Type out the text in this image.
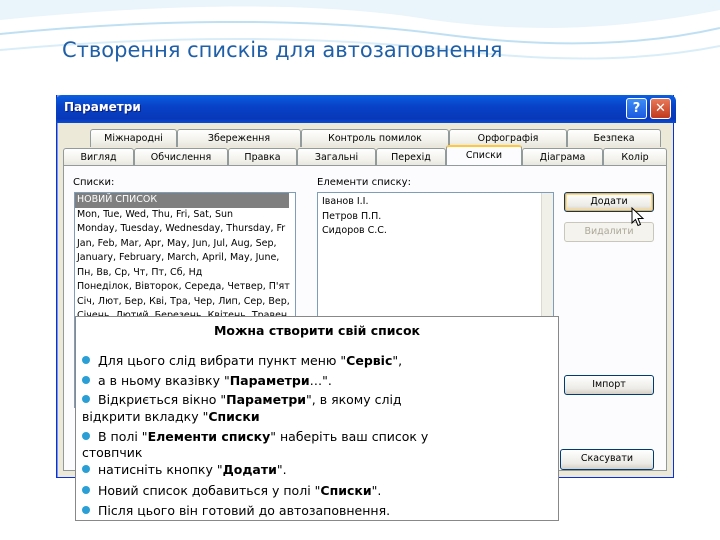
Створення списків для автозаповнення
Параметри	?	✕
Міжнародні	Збереження	Контроль помилок	Орфографія	Безпека
Вигляд	Обчислення	Правка	Загальні	Перехід	Списки	Діаграма	Колір
Списки:
НОВИЙ СПИСОК
Mon, Tue, Wed, Thu, Fri, Sat, Sun
Monday, Tuesday, Wednesday, Thursday, Fr
Jan, Feb, Mar, Apr, May, Jun, Jul, Aug, Sep,
January, February, March, April, May, June,
Пн, Вв, Ср, Чт, Пт, Сб, Нд
Понеділок, Вівторок, Середа, Четвер, П'ят
Січ, Лют, Бер, Кві, Тра, Чер, Лип, Сер, Вер,
Елементи списку:
Іванов І.І.
Петров П.П.
Сидоров С.С.
Додати
Видалити
Імпорт
Скасувати
Можна створити свій список
Для цього слід вибрати пункт меню "Сервіс",
а в ньому вказівку "Параметри…".
Відкриється вікно "Параметри", в якому слід
відкрити вкладку "Списки
В полі "Елементи списку" наберіть ваш список у
стовпчик
натисніть кнопку "Додати".
Новий список добавиться у полі "Списки".
Після цього він готовий до автозаповнення.
